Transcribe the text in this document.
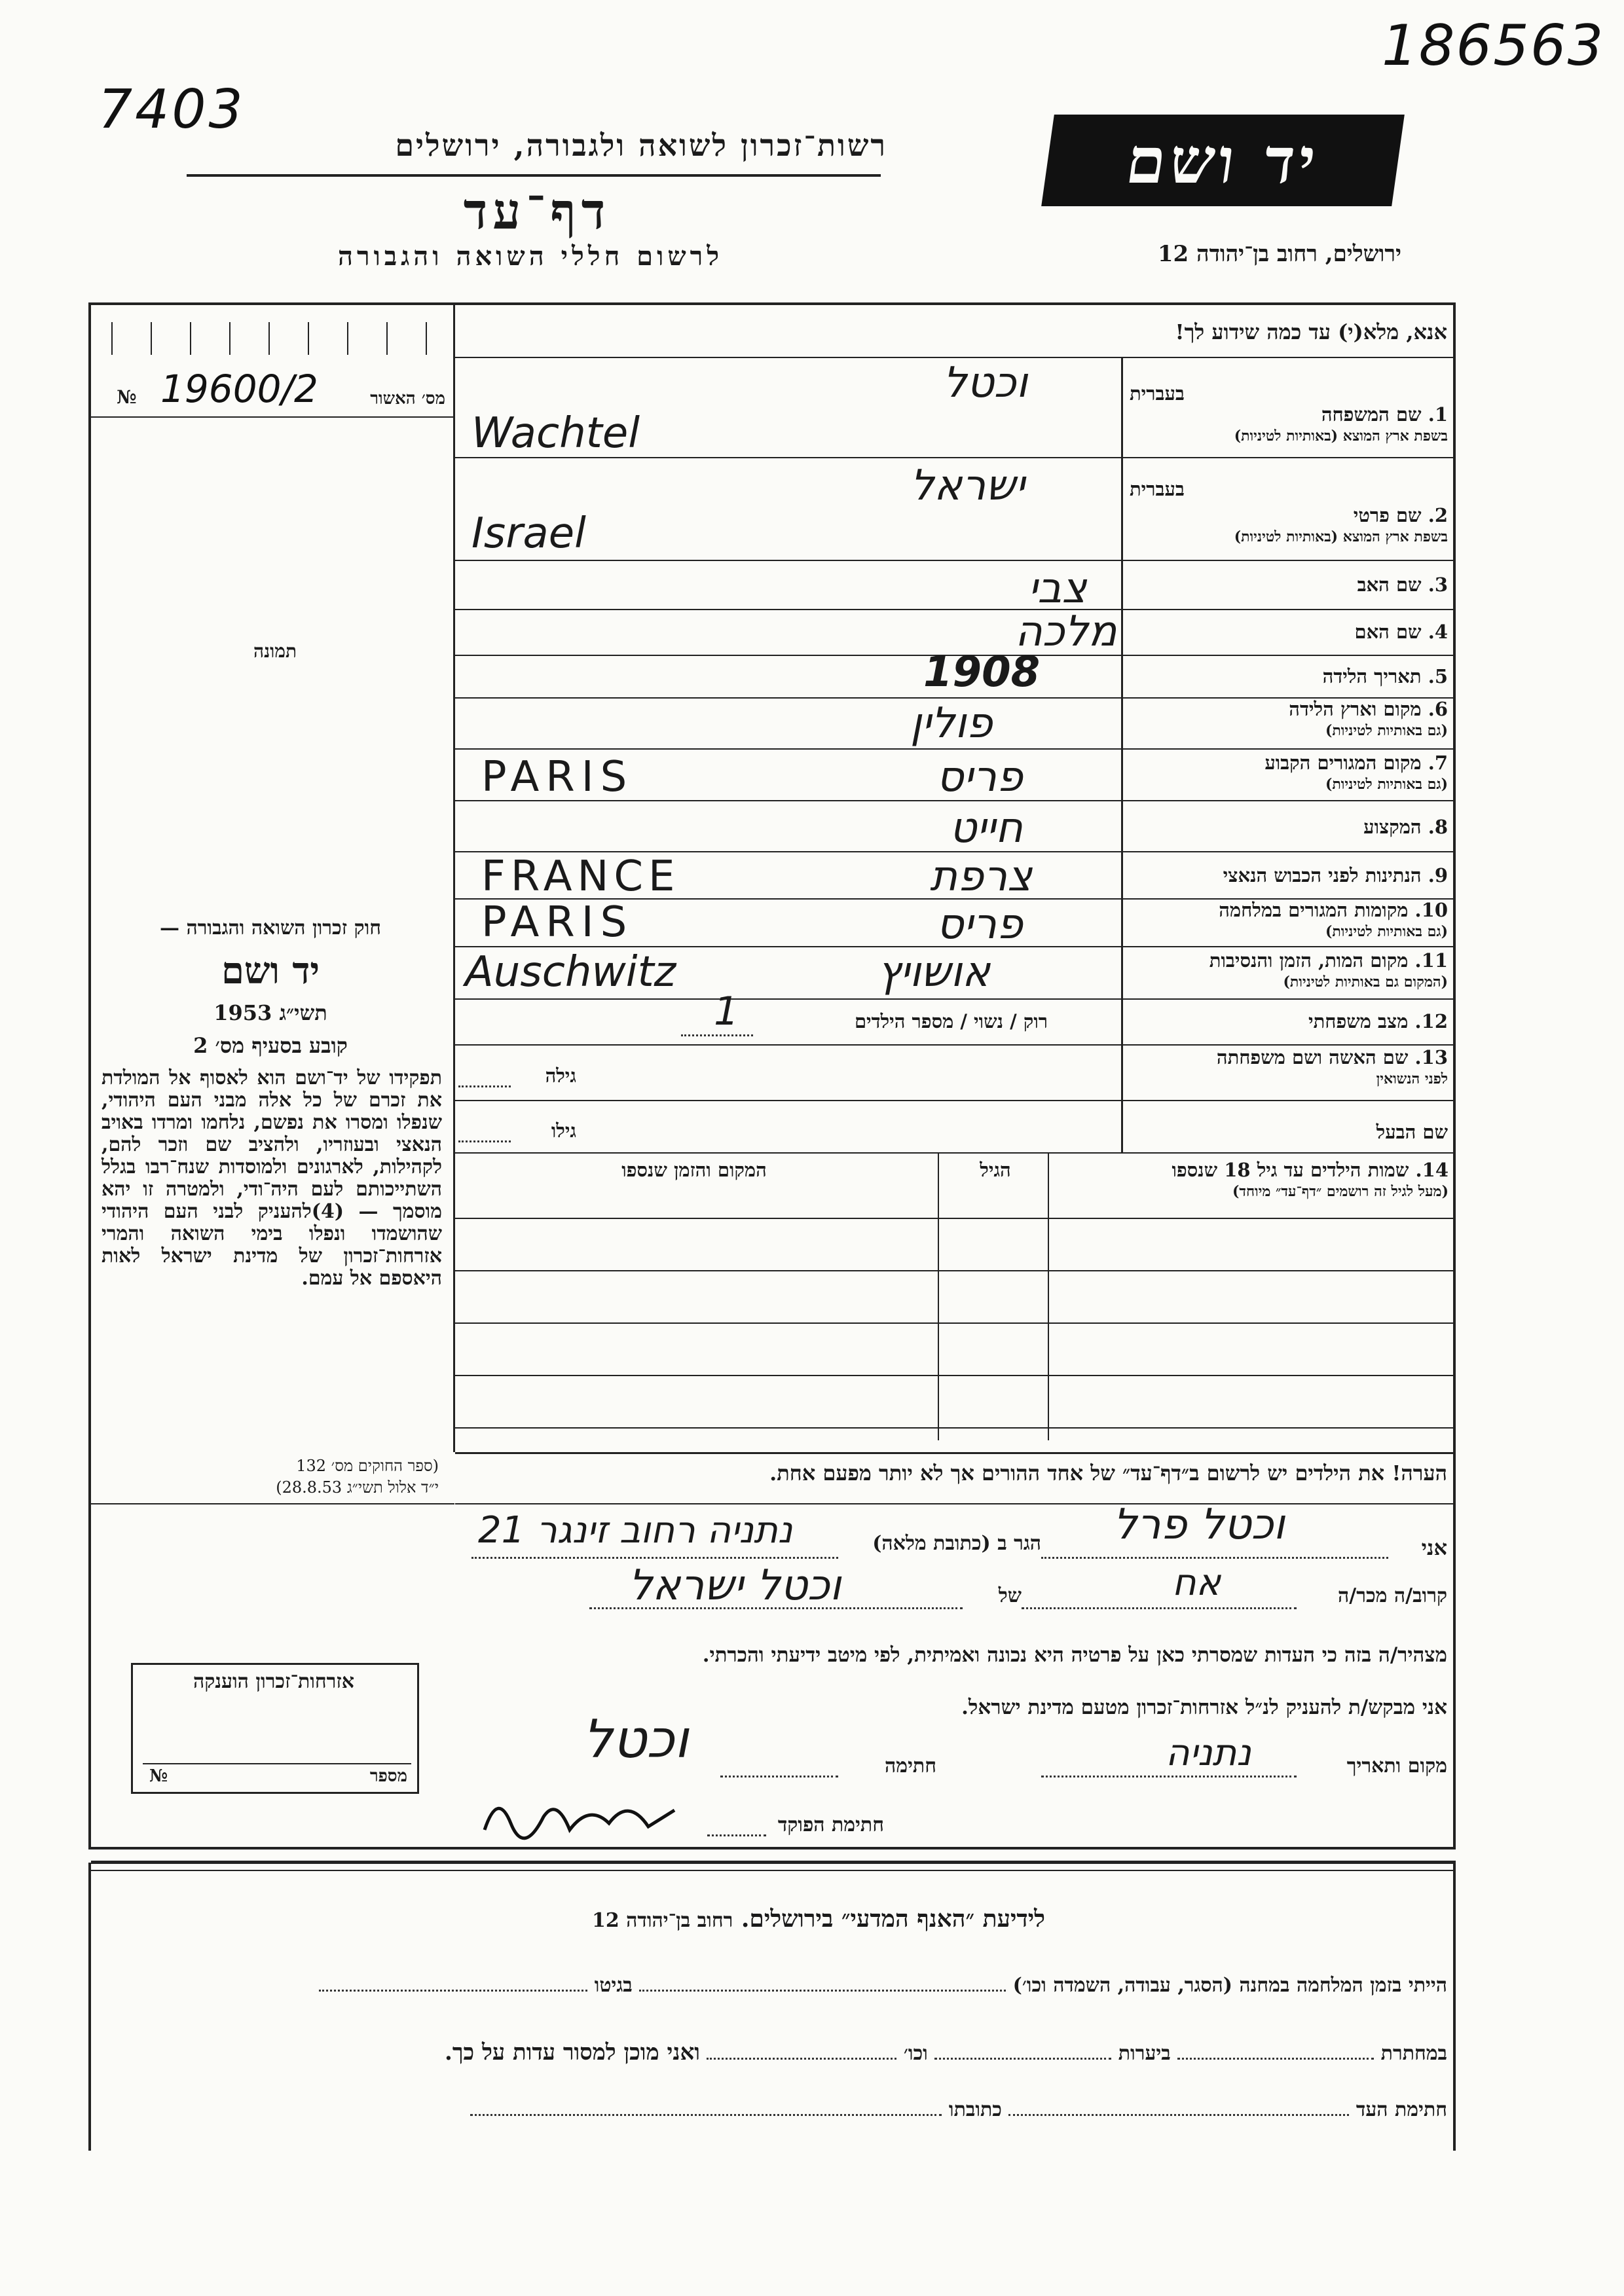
7403
186563
רשות־זכרון לשואה ולגבורה, ירושלים
דף־עד
לרשום חללי השואה והגבורה
יד ושם
ירושלים, רחוב בן־יהודה 12
אנא, מלא(י) עד כמה שידוע לך!
№ 19600/2	מס׳ האשור
תמונה
1. שם המשפחה
בשפת ארץ המוצא (באותיות לטיניות)
בעברית
וכטל
Wachtel
2. שם פרטי
בשפת ארץ המוצא (באותיות לטיניות)
בעברית
ישראל
Israel
3. שם האב
צבי
4. שם האם
מלכה
5. תאריך הלידה
1908
6. מקום וארץ הלידה
(גם באותיות לטיניות)
פולין
7. מקום המגורים הקבוע
(גם באותיות לטיניות)
PARIS	פריס
8. המקצוע
חייט
9. הנתינות לפני הכבוש הנאצי
FRANCE	צרפת
10. מקומות המגורים במלחמה
(גם באותיות לטיניות)
PARIS	פריס
11. מקום המות, הזמן והנסיבות
(המקום גם באותיות לטיניות)
Auschwitz	אושויץ
12. מצב משפחתי
רוק / נשוי / מספר הילדים
1
13. שם האשה ושם משפחתה
לפני הנשואין
גילה
שם הבעל
גילו
14. שמות הילדים עד גיל 18 שנספו
(מעל לגיל זה רושמים ״דף־עד״ מיוחד)
הגיל
המקום והזמן שנספו
חוק זכרון השואה והגבורה —
יד ושם
תשי״ג 1953
קובע בסעיף מס׳ 2
תפקידו של יד־ושם הוא לאסוף אל המולדת את זכרם של כל אלה מבני העם היהודי, שנפלו ומסרו את נפשם, נלחמו ומרדו באויב הנאצי ובעוזריו, ולהציב שם וזכר להם, לקהילות, לארגונים ולמוסדות שנח־רבו בגלל השתייכותם לעם היה־ודי, ולמטרה זו יהא מוסמך — (4)להעניק לבני העם היהודי שהושמדו ונפלו בימי השואה והמרי אזרחות־זכרון של מדינת ישראל לאות היאספם אל עמם.
(ספר החוקים מס׳ 132
י״ד אלול תשי״ג 28.8.53)
הערה! את הילדים יש לרשום ב״דף־עד״ של אחד ההורים אך לא יותר מפעם אחת.
אני
וכטל פרל
הגר ב (כתובת מלאה)
נתניה רחוב זינגר 21
קרוב/ה מכר/ה
אח
של
וכטל ישראל
מצהיר/ה בזה כי העדות שמסרתי כאן על פרטיה היא נכונה ואמיתית, לפי מיטב ידיעתי והכרתי.
אני מבקש/ת להעניק לנ״ל אזרחות־זכרון מטעם מדינת ישראל.
מקום ותאריך
נתניה
חתימה
וכטל
חתימת הפוקד
אזרחות־זכרון הוענקה
מספר
№
לידיעת ״האנף המדעי״ בירושלים. רחוב בן־יהודה 12
הייתי בזמן המלחמה במחנה (הסגר, עבודה, השמדה וכו׳)  בגיטו
במחתרת  ביערות  וכו׳  ואני מוכן למסור עדות על כך.
חתימת העד  כתובתו
